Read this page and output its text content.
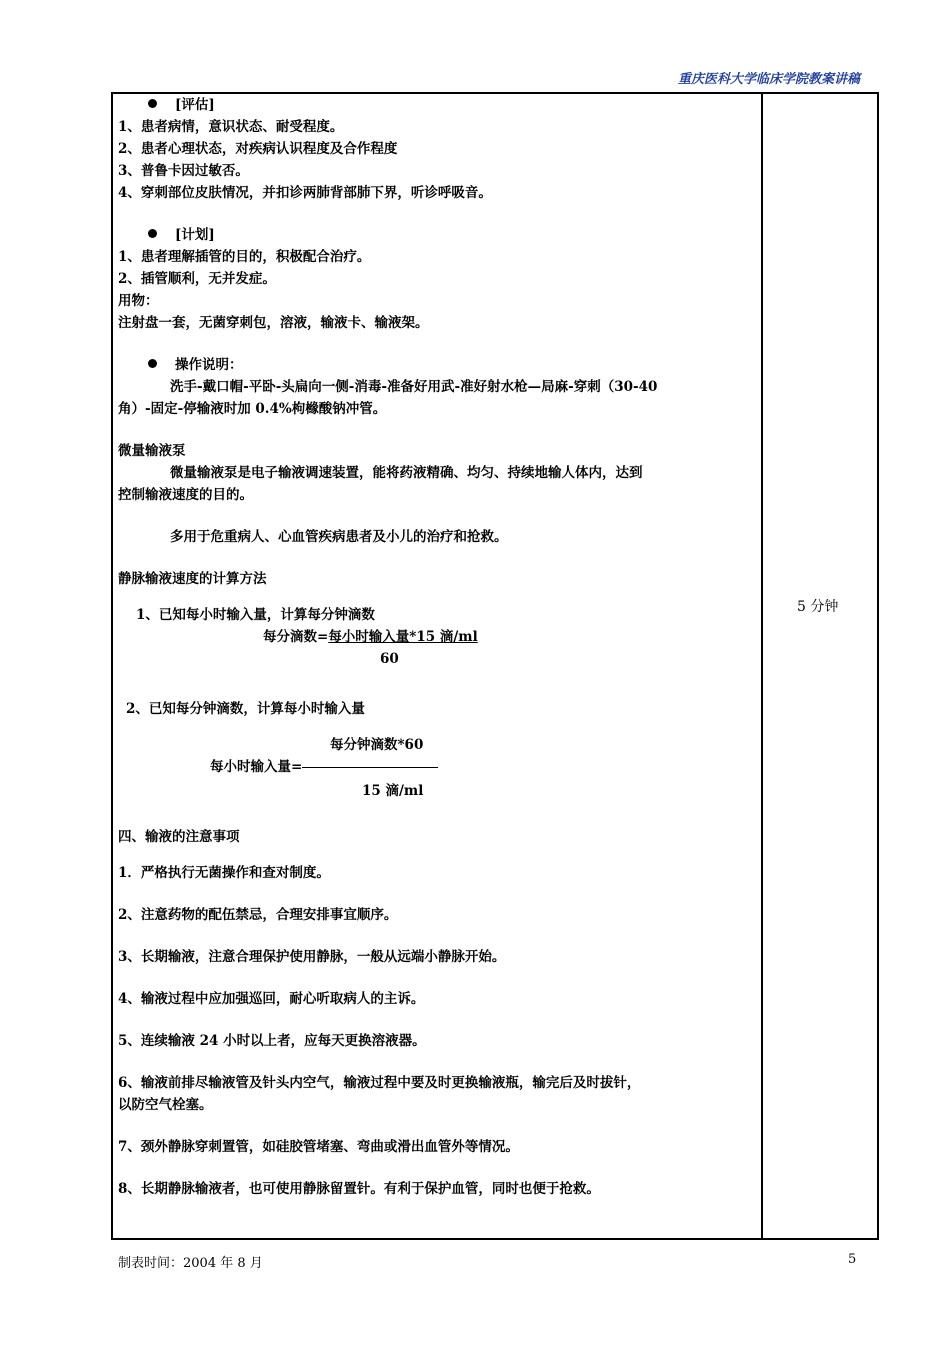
重庆医科大学临床学院教案讲稿

[评估]

1、患者病情，意识状态、耐受程度。

2、患者心理状态，对疾病认识程度及合作程度

3、普鲁卡因过敏否。

4、穿刺部位皮肤情况，并扣诊两肺背部肺下界，听诊呼吸音。

[计划]

1、患者理解插管的目的，积极配合治疗。

2、插管顺利，无并发症。

用物：

注射盘一套，无菌穿刺包，溶液，输液卡、输液架。

操作说明：

洗手-戴口帽-平卧-头扁向一侧-消毒-准备好用武-准好射水枪—局麻-穿刺（30-40

角）-固定-停输液时加 0.4%枸橼酸钠冲管。

微量输液泵

微量输液泵是电子输液调速装置，能将药液精确、均匀、持续地输人体内，达到

控制输液速度的目的。

多用于危重病人、心血管疾病患者及小儿的治疗和抢救。

静脉输液速度的计算方法

1、已知每小时输入量，计算每分钟滴数

每分滴数=每小时输入量*15 滴/ml
60

2、已知每分钟滴数，计算每小时输入量

每分钟滴数*60
每小时输入量=
15 滴/ml

四、输液的注意事项

1．严格执行无菌操作和查对制度。

2、注意药物的配伍禁忌，合理安排事宜顺序。

3、长期输液，注意合理保护使用静脉，一般从远端小静脉开始。

4、输液过程中应加强巡回，耐心听取病人的主诉。

5、连续输液 24 小时以上者，应每天更换溶液器。

6、输液前排尽输液管及针头内空气，输液过程中要及时更换输液瓶，输完后及时拔针，

以防空气栓塞。

7、颈外静脉穿刺置管，如硅胶管堵塞、弯曲或滑出血管外等情况。

8、长期静脉输液者，也可使用静脉留置针。有利于保护血管，同时也便于抢救。

5 分钟
制表时间：2004 年 8 月	5
